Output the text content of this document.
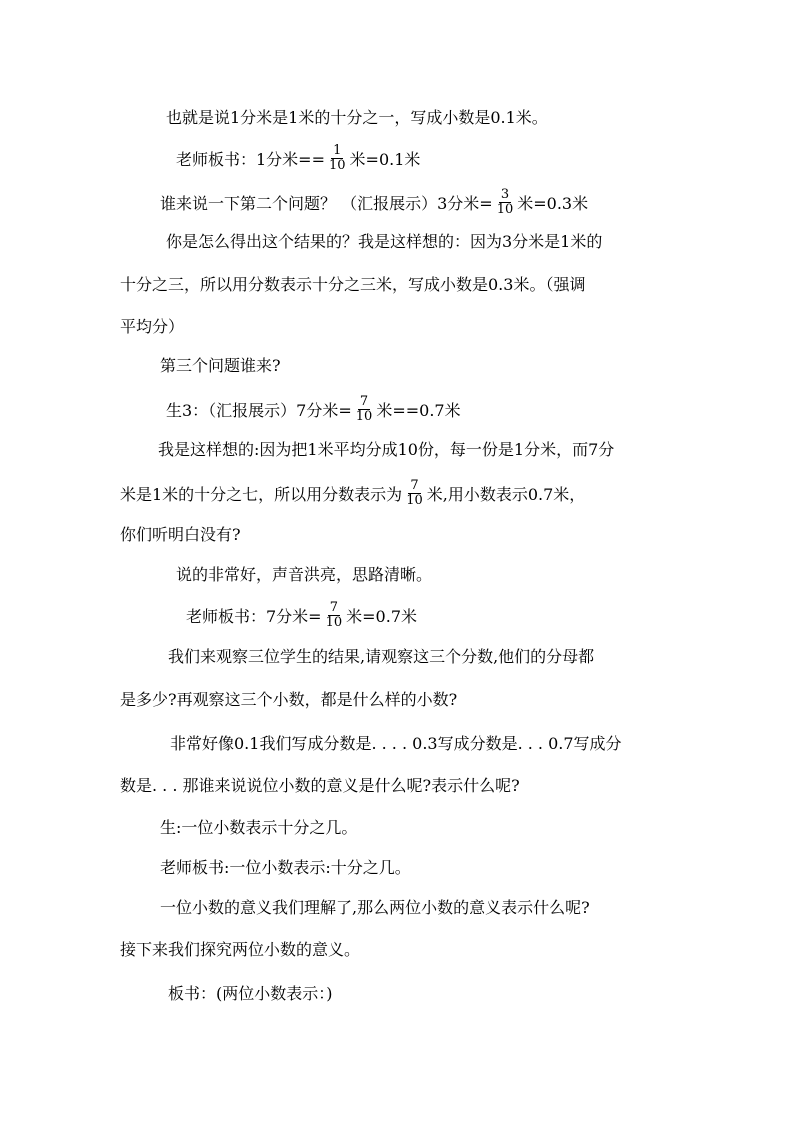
也就是说1分米是1米的十分之一，写成小数是0.1米。
老师板书：1分米== $\frac{1}{10}$ 米=0.1米
谁来说一下第二个问题？ （汇报展示）3分米= $\frac{3}{10}$ 米=0.3米
你是怎么得出这个结果的？我是这样想的：因为3分米是1米的
十分之三，所以用分数表示十分之三米，写成小数是0.3米。（强调
平均分）
第三个问题谁来?
生3：（汇报展示）7分米= $\frac{7}{10}$ 米==0.7米
我是这样想的:因为把1米平均分成10份，每一份是1分米，而7分
米是1米的十分之七，所以用分数表示为 $\frac{7}{10}$ 米,用小数表示0.7米，
你们听明白没有?
说的非常好，声音洪亮，思路清晰。
老师板书：7分米= $\frac{7}{10}$ 米=0.7米
我们来观察三位学生的结果,请观察这三个分数,他们的分母都
是多少?再观察这三个小数，都是什么样的小数?
非常好像0.1我们写成分数是. . . . 0.3写成分数是. . . 0.7写成分
数是. . . 那谁来说说位小数的意义是什么呢?表示什么呢?
生:一位小数表示十分之几。
老师板书:一位小数表示:十分之几。
一位小数的意义我们理解了,那么两位小数的意义表示什么呢?
接下来我们探究两位小数的意义。
板书：(两位小数表示：)
